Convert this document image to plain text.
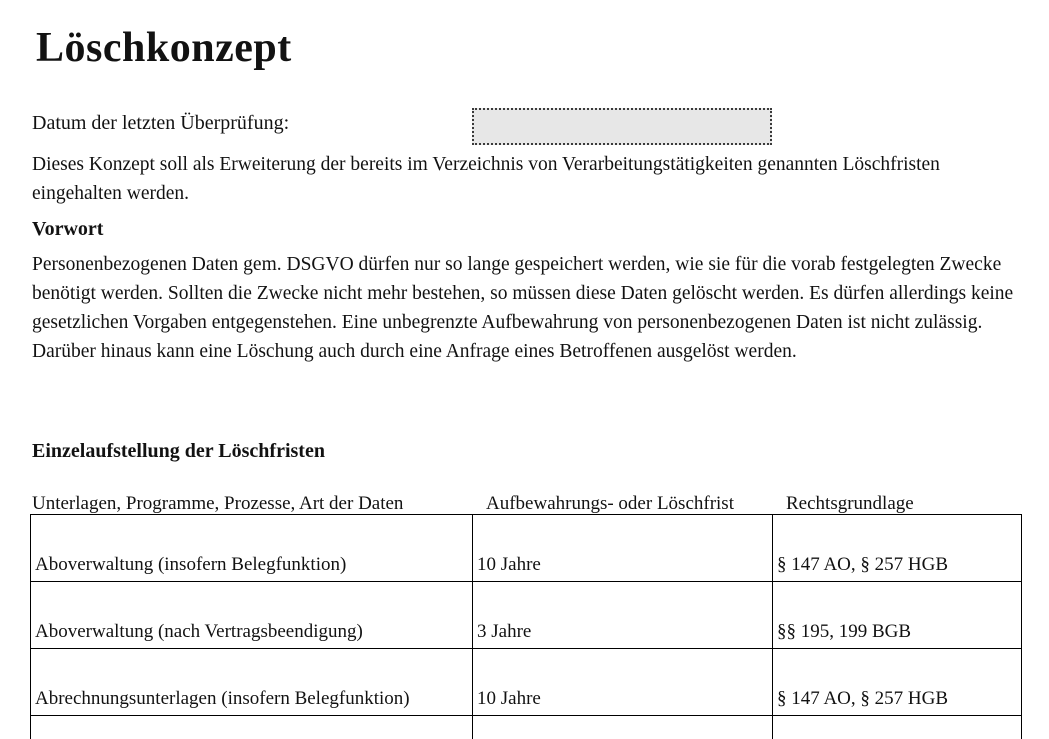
Löschkonzept
Datum der letzten Überprüfung:

Dieses Konzept soll als Erweiterung der bereits im Verzeichnis von Verarbeitungstätigkeiten genannten Löschfristen eingehalten werden.

Vorwort

Personenbezogenen Daten gem. DSGVO dürfen nur so lange gespeichert werden, wie sie für die vorab festgelegten Zwecke benötigt werden. Sollten die Zwecke nicht mehr bestehen, so müssen diese Daten gelöscht werden. Es dürfen allerdings keine gesetzlichen Vorgaben entgegenstehen. Eine unbegrenzte Aufbewahrung von personenbezogenen Daten ist nicht zulässig. Darüber hinaus kann eine Löschung auch durch eine Anfrage eines Betroffenen ausgelöst werden.

Einzelaufstellung der Löschfristen
Unterlagen, Programme, Prozesse, Art der Daten	Aufbewahrungs- oder Löschfrist	Rechtsgrundlage
Aboverwaltung (insofern Belegfunktion)	10 Jahre	§ 147 AO, § 257 HGB
Aboverwaltung (nach Vertragsbeendigung)	3 Jahre	§§ 195, 199 BGB
Abrechnungsunterlagen (insofern Belegfunktion)	10 Jahre	§ 147 AO, § 257 HGB
